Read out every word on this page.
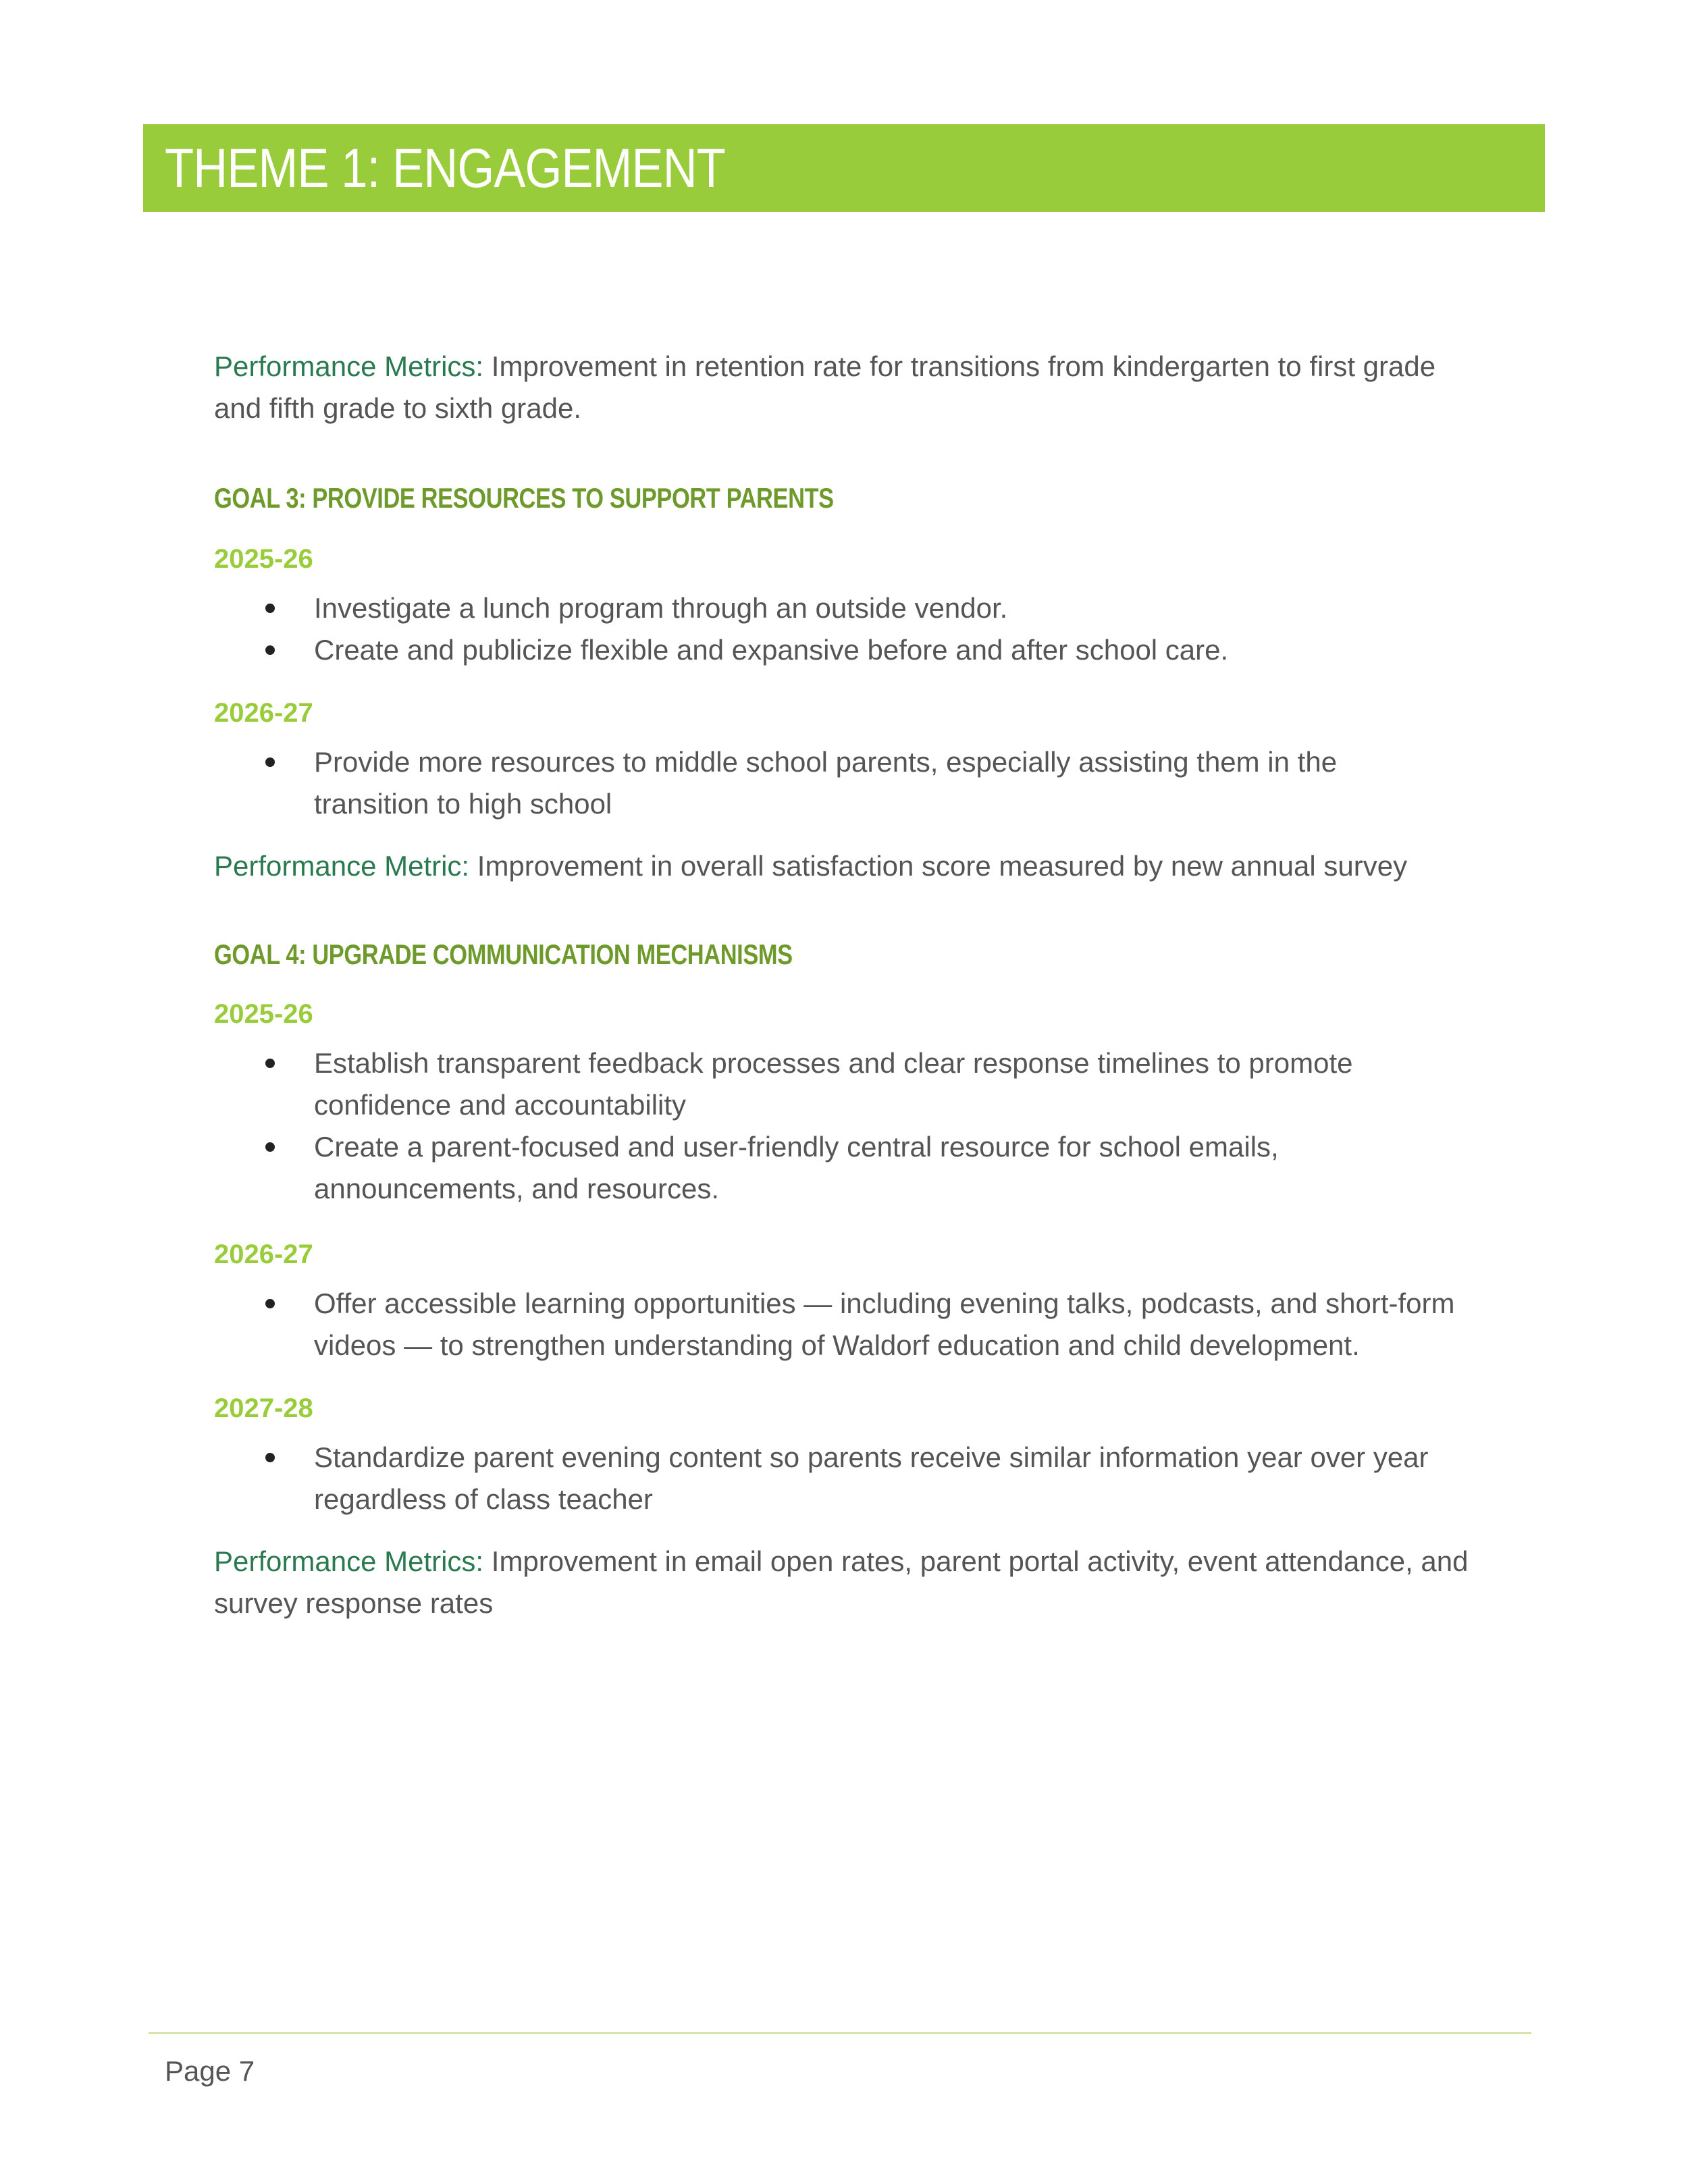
THEME 1: ENGAGEMENT

Performance Metrics: Improvement in retention rate for transitions from kindergarten to first grade and fifth grade to sixth grade.

GOAL 3: PROVIDE RESOURCES TO SUPPORT PARENTS
2025-26
Investigate a lunch program through an outside vendor.
Create and publicize flexible and expansive before and after school care.
2026-27
Provide more resources to middle school parents, especially assisting them in the transition to high school

Performance Metric: Improvement in overall satisfaction score measured by new annual survey

GOAL 4: UPGRADE COMMUNICATION MECHANISMS
2025-26
Establish transparent feedback processes and clear response timelines to promote confidence and accountability
Create a parent-focused and user-friendly central resource for school emails, announcements, and resources.
2026-27
Offer accessible learning opportunities — including evening talks, podcasts, and short-form videos — to strengthen understanding of Waldorf education and child development.
2027-28
Standardize parent evening content so parents receive similar information year over year regardless of class teacher

Performance Metrics: Improvement in email open rates, parent portal activity, event attendance, and survey response rates

Page 7
